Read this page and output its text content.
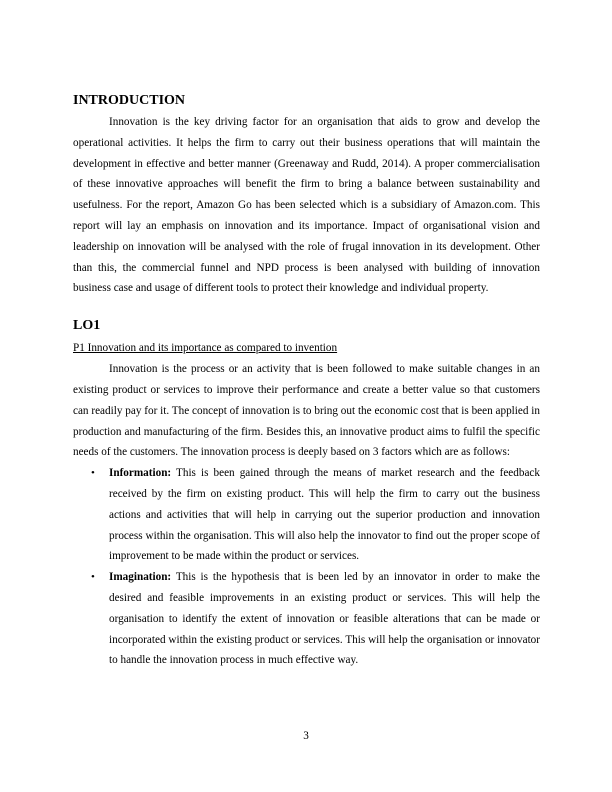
INTRODUCTION

Innovation is the key driving factor for an organisation that aids to grow and develop the operational activities. It helps the firm to carry out their business operations that will maintain the development in effective and better manner (Greenaway and Rudd, 2014). A proper commercialisation of these innovative approaches will benefit the firm to bring a balance between sustainability and usefulness. For the report, Amazon Go has been selected which is a subsidiary of Amazon.com. This report will lay an emphasis on innovation and its importance. Impact of organisational vision and leadership on innovation will be analysed with the role of frugal innovation in its development. Other than this, the commercial funnel and NPD process is been analysed with building of innovation business case and usage of different tools to protect their knowledge and individual property.

LO1
P1 Innovation and its importance as compared to invention

Innovation is the process or an activity that is been followed to make suitable changes in an existing product or services to improve their performance and create a better value so that customers can readily pay for it. The concept of innovation is to bring out the economic cost that is been applied in production and manufacturing of the firm. Besides this, an innovative product aims to fulfil the specific needs of the customers. The innovation process is deeply based on 3 factors which are as follows:

• Information: This is been gained through the means of market research and the feedback received by the firm on existing product. This will help the firm to carry out the business actions and activities that will help in carrying out the superior production and innovation process within the organisation. This will also help the innovator to find out the proper scope of improvement to be made within the product or services.
• Imagination: This is the hypothesis that is been led by an innovator in order to make the desired and feasible improvements in an existing product or services. This will help the organisation to identify the extent of innovation or feasible alterations that can be made or incorporated within the existing product or services. This will help the organisation or innovator to handle the innovation process in much effective way.
3
